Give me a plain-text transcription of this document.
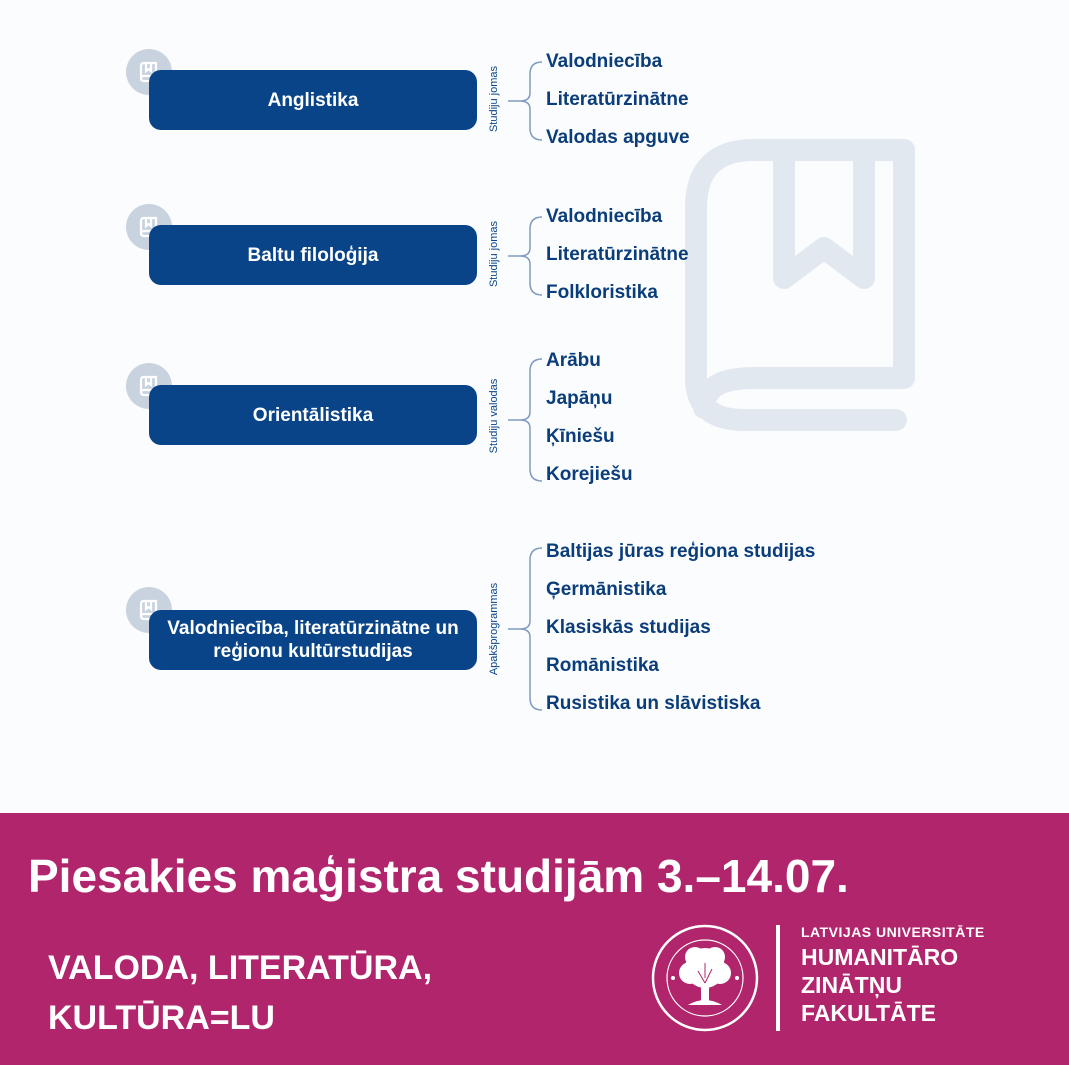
Anglistika	Studiju jomas
Valodniecība
Literatūrzinātne
Valodas apguve
Baltu filoloģija	Studiju jomas
Valodniecība
Literatūrzinātne
Folkloristika
Orientālistika	Studiju valodas
Arābu
Japāņu
Ķīniešu
Korejiešu
Valodniecība, literatūrzinātne un reģionu kultūrstudijas	Apakšprogrammas
Baltijas jūras reģiona studijas
Ģermānistika
Klasiskās studijas
Romānistika
Rusistika un slāvistiska
Piesakies maģistra studijām 3.–14.07.
VALODA, LITERATŪRA,
KULTŪRA=LU
LATVIJAS UNIVERSITĀTE
HUMANITĀRO
ZINĀTŅU
FAKULTĀTE
